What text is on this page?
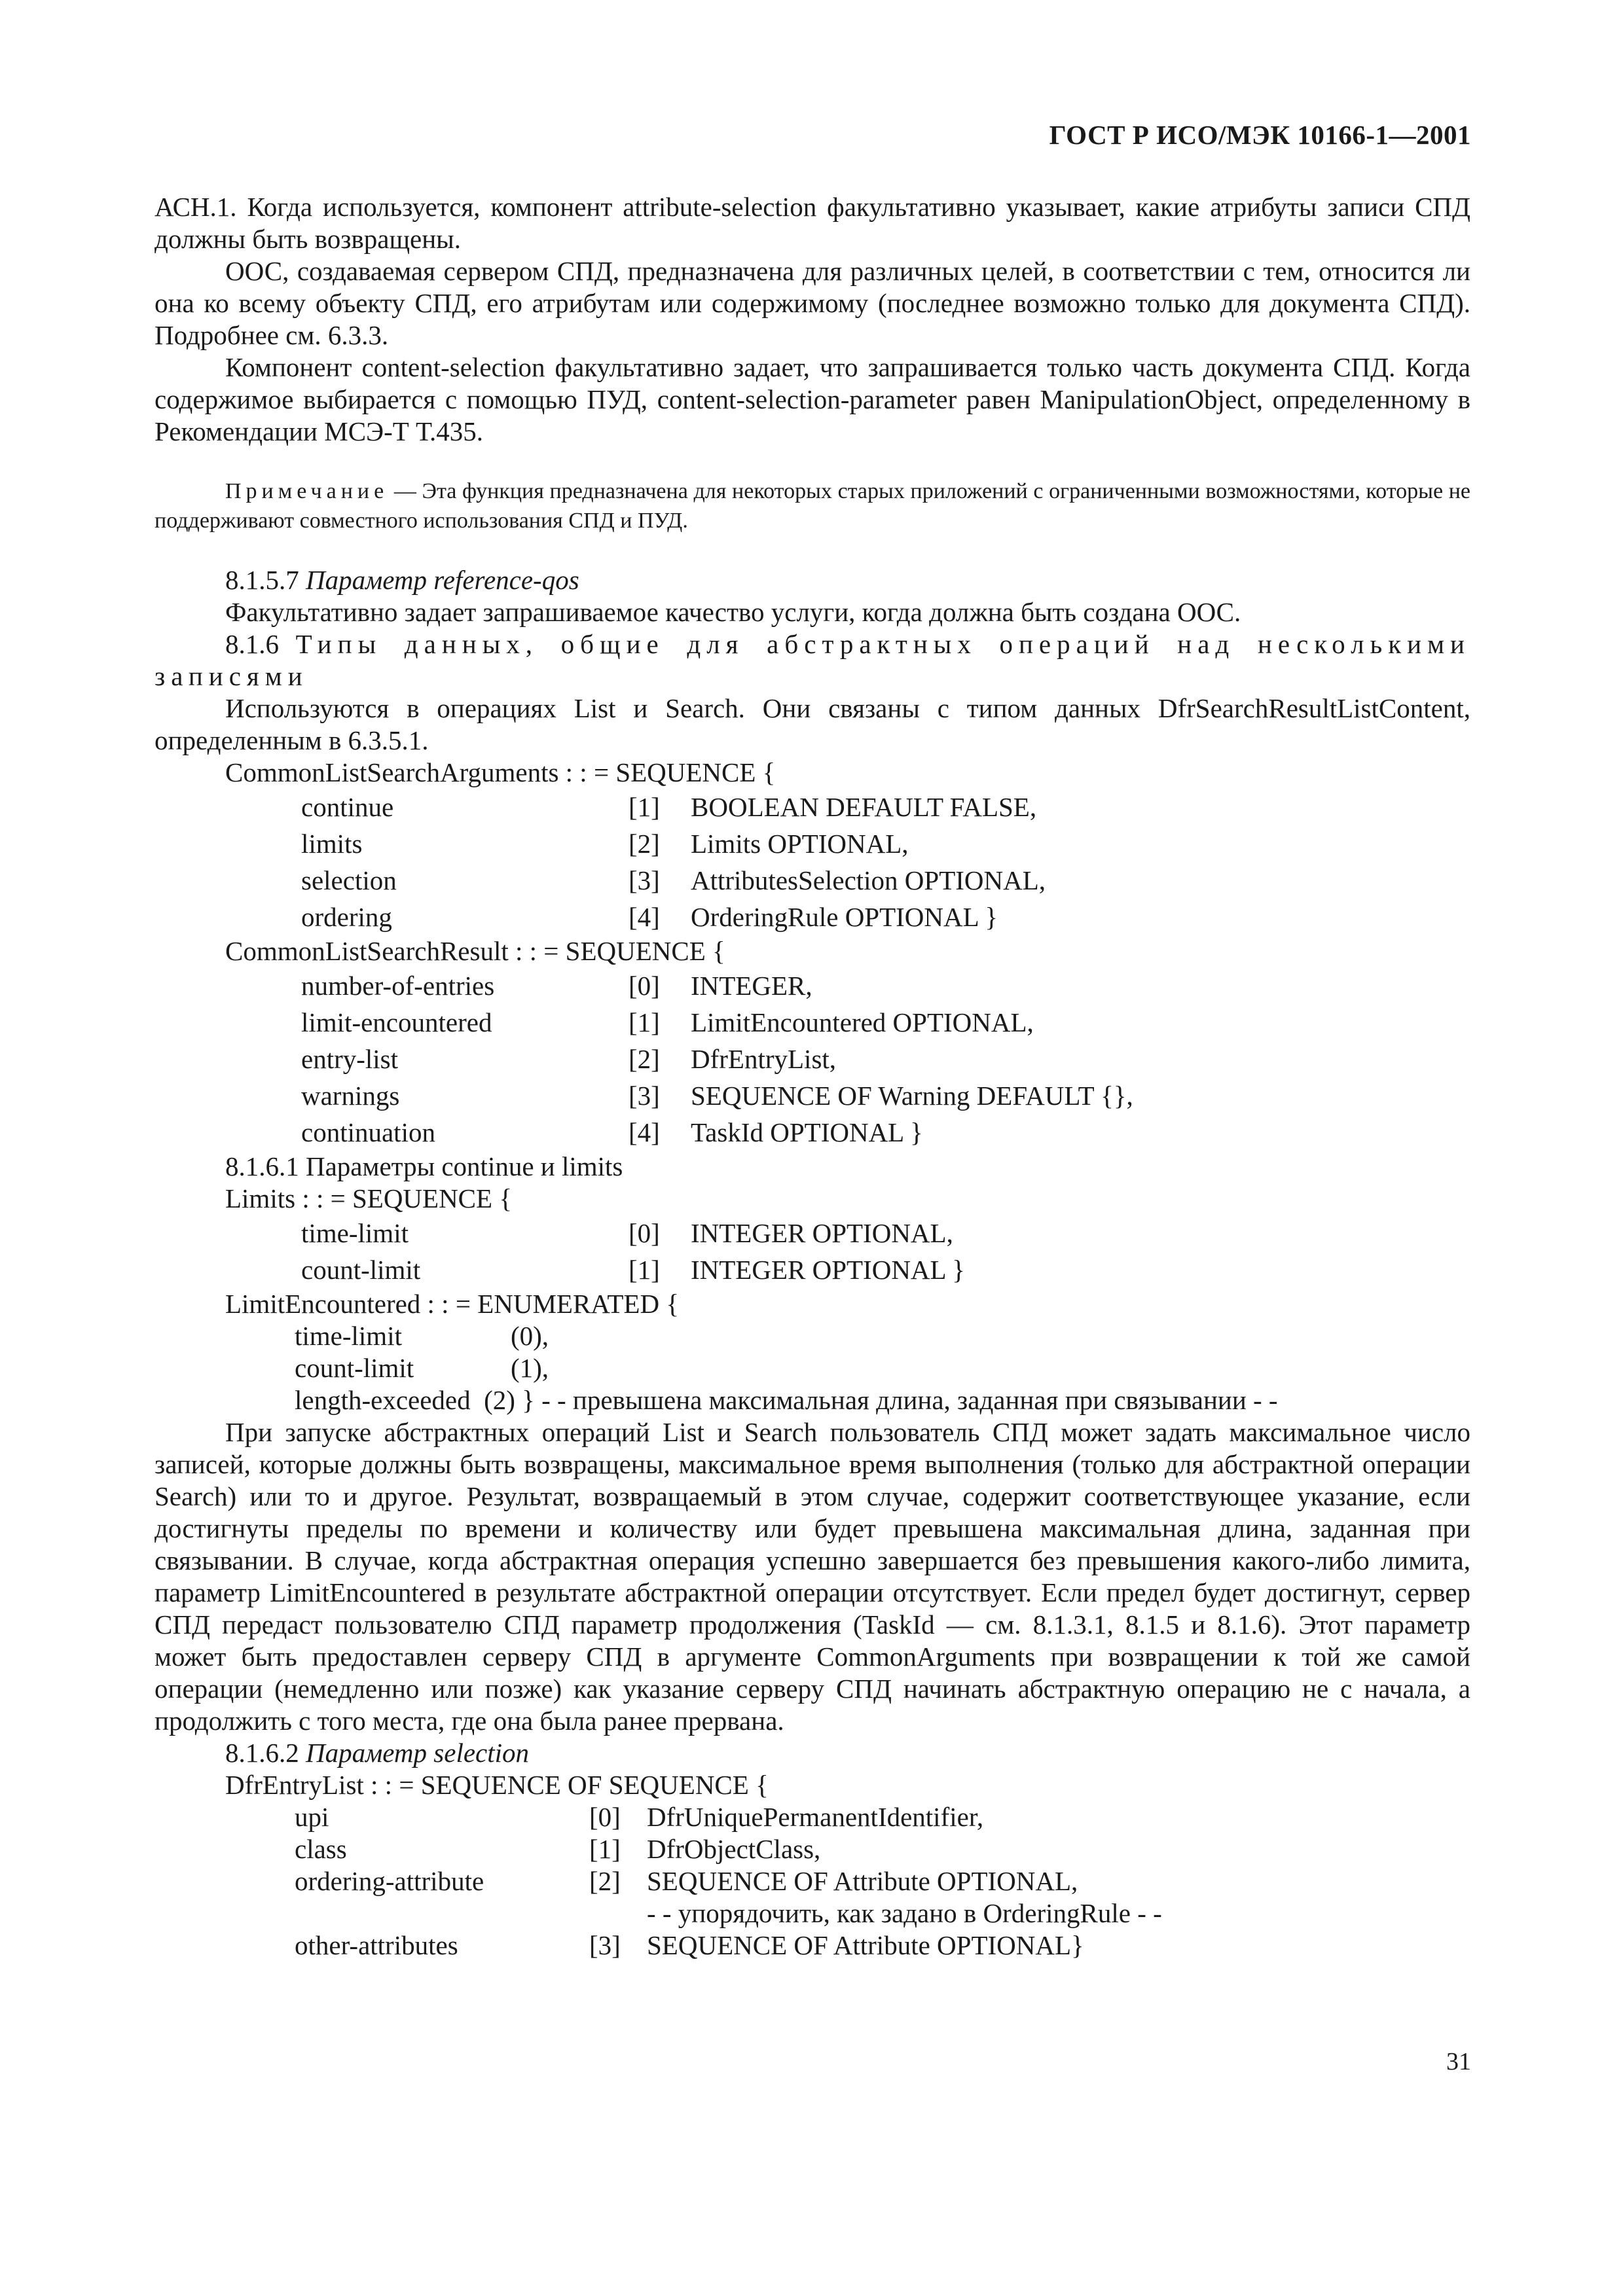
ГОСТ Р ИСО/МЭК 10166-1—2001

АСН.1. Когда используется, компонент attribute-selection факультативно указывает, какие атрибуты записи СПД должны быть возвращены.

ООС, создаваемая сервером СПД, предназначена для различных целей, в соответствии с тем, относится ли она ко всему объекту СПД, его атрибутам или содержимому (последнее возможно только для документа СПД). Подробнее см. 6.3.3.

Компонент content-selection факультативно задает, что запрашивается только часть документа СПД. Когда содержимое выбирается с помощью ПУД, content-selection-parameter равен ManipulationObject, определенному в Рекомендации МСЭ-Т Т.435.

Примечание — Эта функция предназначена для некоторых старых приложений с ограниченными возможностями, которые не поддерживают совместного использования СПД и ПУД.

8.1.5.7 Параметр reference-qos

Факультативно задает запрашиваемое качество услуги, когда должна быть создана ООС.

8.1.6 Типы данных, общие для абстрактных операций над несколькими записями

Используются в операциях List и Search. Они связаны с типом данных DfrSearchResultListContent, определенным в 6.3.5.1.

CommonListSearchArguments : : = SEQUENCE {

continue	[1]	BOOLEAN DEFAULT FALSE,
limits	[2]	Limits OPTIONAL,
selection	[3]	AttributesSelection OPTIONAL,
ordering	[4]	OrderingRule OPTIONAL }

CommonListSearchResult : : = SEQUENCE {

number-of-entries	[0]	INTEGER,
limit-encountered	[1]	LimitEncountered OPTIONAL,
entry-list	[2]	DfrEntryList,
warnings	[3]	SEQUENCE OF Warning DEFAULT {},
continuation	[4]	TaskId OPTIONAL }

8.1.6.1 Параметры continue и limits

Limits : : = SEQUENCE {

time-limit	[0]	INTEGER OPTIONAL,
count-limit	[1]	INTEGER OPTIONAL }

LimitEncountered : : = ENUMERATED {

time-limit	(0),
count-limit	(1),
length-exceeded  (2) } - - превышена максимальная длина, заданная при связывании - -

При запуске абстрактных операций List и Search пользователь СПД может задать максимальное число записей, которые должны быть возвращены, максимальное время выполнения (только для абстрактной операции Search) или то и другое. Результат, возвращаемый в этом случае, содержит соответствующее указание, если достигнуты пределы по времени и количеству или будет превышена максимальная длина, заданная при связывании. В случае, когда абстрактная операция успешно завершается без превышения какого-либо лимита, параметр LimitEncountered в результате абстрактной операции отсутствует. Если предел будет достигнут, сервер СПД передаст пользователю СПД параметр продолжения (TaskId — см. 8.1.3.1, 8.1.5 и 8.1.6). Этот параметр может быть предоставлен серверу СПД в аргументе CommonArguments при возвращении к той же самой операции (немедленно или позже) как указание серверу СПД начинать абстрактную операцию не с начала, а продолжить с того места, где она была ранее прервана.

8.1.6.2 Параметр selection

DfrEntryList : : = SEQUENCE OF SEQUENCE {

upi	[0] DfrUniquePermanentIdentifier,
class	[1] DfrObjectClass,
ordering-attribute	[2] SEQUENCE OF Attribute OPTIONAL,
- - упорядочить, как задано в OrderingRule - -
other-attributes	[3] SEQUENCE OF Attribute OPTIONAL}
31
